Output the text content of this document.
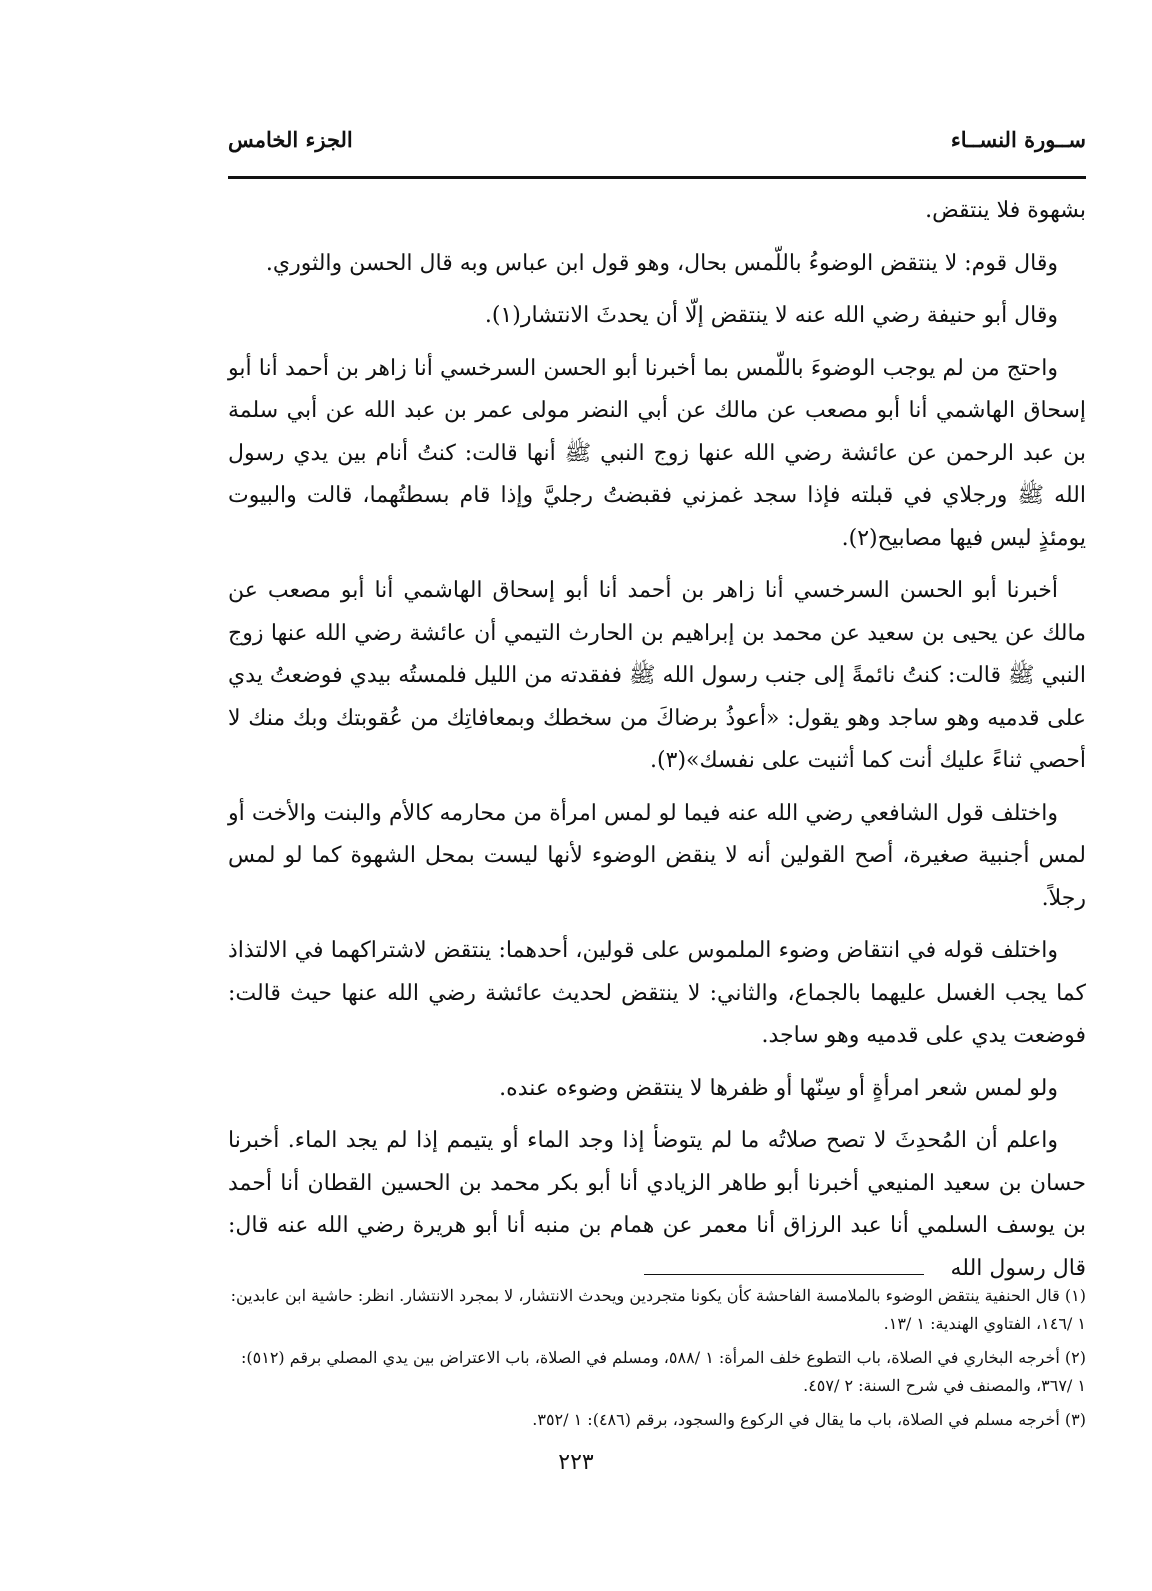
ســورة النســاء
الجزء الخامس

بشهوة فلا ينتقض.

وقال قوم: لا ينتقض الوضوءُ باللّمس بحال، وهو قول ابن عباس وبه قال الحسن والثوري.

وقال أبو حنيفة رضي الله عنه لا ينتقض إلّا أن يحدثَ الانتشار(١).

واحتج من لم يوجب الوضوءَ باللّمس بما أخبرنا أبو الحسن السرخسي أنا زاهر بن أحمد أنا أبو إسحاق الهاشمي أنا أبو مصعب عن مالك عن أبي النضر مولى عمر بن عبد الله عن أبي سلمة بن عبد الرحمن عن عائشة رضي الله عنها زوج النبي ﷺ أنها قالت: كنتُ أنام بين يدي رسول الله ﷺ ورجلاي في قبلته فإذا سجد غمزني فقبضتُ رجليَّ وإذا قام بسطتُهما، قالت والبيوت يومئذٍ ليس فيها مصابيح(٢).

أخبرنا أبو الحسن السرخسي أنا زاهر بن أحمد أنا أبو إسحاق الهاشمي أنا أبو مصعب عن مالك عن يحيى بن سعيد عن محمد بن إبراهيم بن الحارث التيمي أن عائشة رضي الله عنها زوج النبي ﷺ قالت: كنتُ نائمةً إلى جنب رسول الله ﷺ ففقدته من الليل فلمستُه بيدي فوضعتُ يدي على قدميه وهو ساجد وهو يقول: «أعوذُ برضاكَ من سخطك وبمعافاتِك من عُقوبتك وبك منك لا أحصي ثناءً عليك أنت كما أثنيت على نفسك»(٣).

واختلف قول الشافعي رضي الله عنه فيما لو لمس امرأة من محارمه كالأم والبنت والأخت أو لمس أجنبية صغيرة، أصح القولين أنه لا ينقض الوضوء لأنها ليست بمحل الشهوة كما لو لمس رجلاً.

واختلف قوله في انتقاض وضوء الملموس على قولين، أحدهما: ينتقض لاشتراكهما في الالتذاذ كما يجب الغسل عليهما بالجماع، والثاني: لا ينتقض لحديث عائشة رضي الله عنها حيث قالت: فوضعت يدي على قدميه وهو ساجد.

ولو لمس شعر امرأةٍ أو سِنّها أو ظفرها لا ينتقض وضوءه عنده.

واعلم أن المُحدِثَ لا تصح صلاتُه ما لم يتوضأ إذا وجد الماء أو يتيمم إذا لم يجد الماء. أخبرنا حسان بن سعيد المنيعي أخبرنا أبو طاهر الزيادي أنا أبو بكر محمد بن الحسين القطان أنا أحمد بن يوسف السلمي أنا عبد الرزاق أنا معمر عن همام بن منبه أنا أبو هريرة رضي الله عنه قال: قال رسول الله

(١) قال الحنفية ينتقض الوضوء بالملامسة الفاحشة كأن يكونا متجردين ويحدث الانتشار، لا بمجرد الانتشار. انظر: حاشية ابن عابدين: ١ /١٤٦، الفتاوي الهندية: ١ /١٣.
(٢) أخرجه البخاري في الصلاة، باب التطوع خلف المرأة: ١ /٥٨٨، ومسلم في الصلاة، باب الاعتراض بين يدي المصلي برقم (٥١٢): ١ /٣٦٧، والمصنف في شرح السنة: ٢ /٤٥٧.
(٣) أخرجه مسلم في الصلاة، باب ما يقال في الركوع والسجود، برقم (٤٨٦): ١ /٣٥٢.
٢٢٣
